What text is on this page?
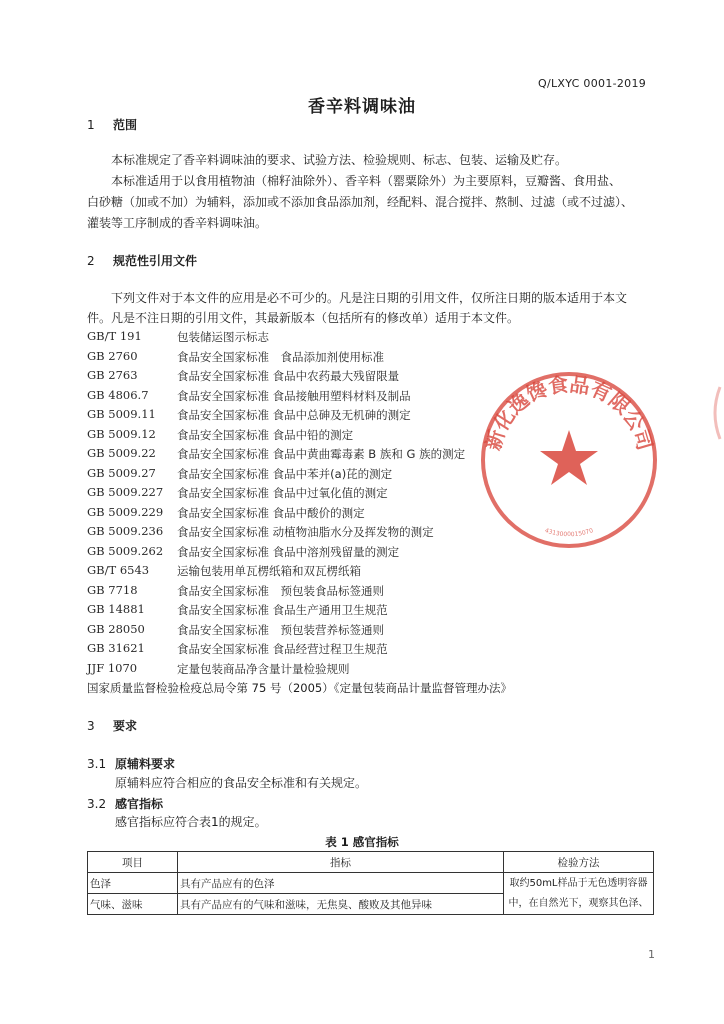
Q/LXYC 0001-2019
香辛料调味油
1 范围
本标准规定了香辛料调味油的要求、试验方法、检验规则、标志、包装、运输及贮存。
本标准适用于以食用植物油（棉籽油除外）、香辛料（罂粟除外）为主要原料，豆瓣酱、食用盐、
白砂糖（加或不加）为辅料，添加或不添加食品添加剂，经配料、混合搅拌、熬制、过滤（或不过滤）、
灌装等工序制成的香辛料调味油。
2 规范性引用文件
下列文件对于本文件的应用是必不可少的。凡是注日期的引用文件，仅所注日期的版本适用于本文
件。凡是不注日期的引用文件，其最新版本（包括所有的修改单）适用于本文件。
GB/T 191	包装储运图示标志
GB 2760	食品安全国家标准　食品添加剂使用标准
GB 2763	食品安全国家标准 食品中农药最大残留限量
GB 4806.7 食品安全国家标准 食品接触用塑料材料及制品
GB 5009.11 食品安全国家标准 食品中总砷及无机砷的测定
GB 5009.12 食品安全国家标准 食品中铅的测定
GB 5009.22 食品安全国家标准 食品中黄曲霉毒素 B 族和 G 族的测定
GB 5009.27 食品安全国家标准 食品中苯并(a)芘的测定
GB 5009.227 食品安全国家标准 食品中过氧化值的测定
GB 5009.229 食品安全国家标准 食品中酸价的测定
GB 5009.236 食品安全国家标准 动植物油脂水分及挥发物的测定
GB 5009.262 食品安全国家标准 食品中溶剂残留量的测定
GB/T 6543 运输包装用单瓦楞纸箱和双瓦楞纸箱
GB 7718	食品安全国家标准　预包装食品标签通则
GB 14881	食品安全国家标准 食品生产通用卫生规范
GB 28050	食品安全国家标准　预包装营养标签通则
GB 31621	食品安全国家标准 食品经营过程卫生规范
JJF 1070	定量包装商品净含量计量检验规则
国家质量监督检验检疫总局令第 75 号（2005）《定量包装商品计量监督管理办法》
3 要求
3.1 原辅料要求
原辅料应符合相应的食品安全标准和有关规定。
3.2 感官指标
感官指标应符合表1的规定。
表 1 感官指标
项目	指标	检验方法
色泽	具有产品应有的色泽	取约50mL样品于无色透明容器
中，在自然光下，观察其色泽、

气味、滋味	具有产品应有的气味和滋味，无焦臭、酸败及其他异味	
新化逸馋食品有限公司
4313000015070
1
